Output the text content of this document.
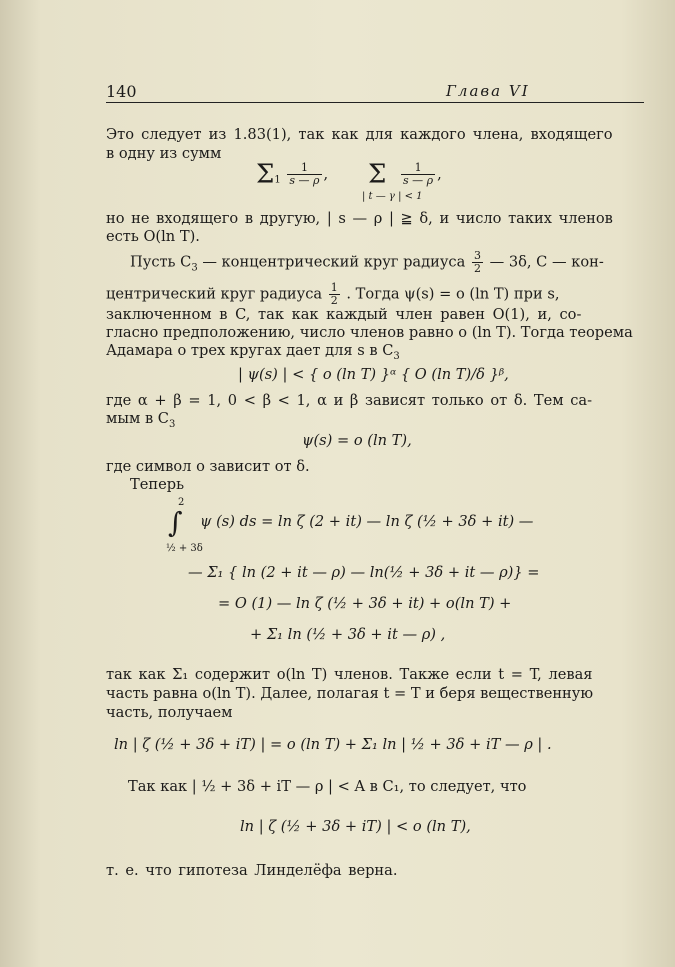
140	Глава VI
Это следует из 1.83(1), так как для каждого члена, входящего
в одну из сумм
$\Sigma_1 \frac{1}{s — \rho}$ , Σ $\frac{1}{s — \rho}$ ,
| t — γ | < 1
но не входящего в другую, | s — ρ | ≧ δ, и число таких членов
есть O(ln T).
Пусть $C_3$ — концентрический круг радиуса $\frac{3}{2}$ — 3δ, C — кон-
центрический круг радиуса $\frac{1}{2}$ . Тогда ψ(s) = o (ln T) при s,
заключенном в C, так как каждый член равен O(1), и, со-
гласно предположению, число членов равно o (ln T). Тогда теорема
Адамара о трех кругах дает для s в $C_3$
| ψ(s) | < { o (ln T) }ᵅ { O (ln T)/δ }ᵝ,
где α + β = 1, 0 < β < 1, α и β зависят только от δ. Тем са-
мым в $C_3$
ψ(s) = o (ln T),
где символ o зависит от δ.
Теперь
2
∫
½ + 3δ
ψ (s) ds = ln ζ (2 + it) — ln ζ (½ + 3δ + it) —
— Σ₁ { ln (2 + it — ρ) — ln(½ + 3δ + it — ρ)} =
= O (1) — ln ζ (½ + 3δ + it) + o(ln T) +
+ Σ₁ ln (½ + 3δ + it — ρ) ,
так как Σ₁ содержит o(ln T) членов. Также если t = T, левая
часть равна o(ln T). Далее, полагая t = T и беря вещественную
часть, получаем
ln | ζ (½ + 3δ + iT) | = o (ln T) + Σ₁ ln | ½ + 3δ + iT — ρ | .
Так как | ½ + 3δ + iT — ρ | < A в C₁, то следует, что
ln | ζ (½ + 3δ + iT) | < o (ln T),
т. е. что гипотеза Линделёфа верна.
